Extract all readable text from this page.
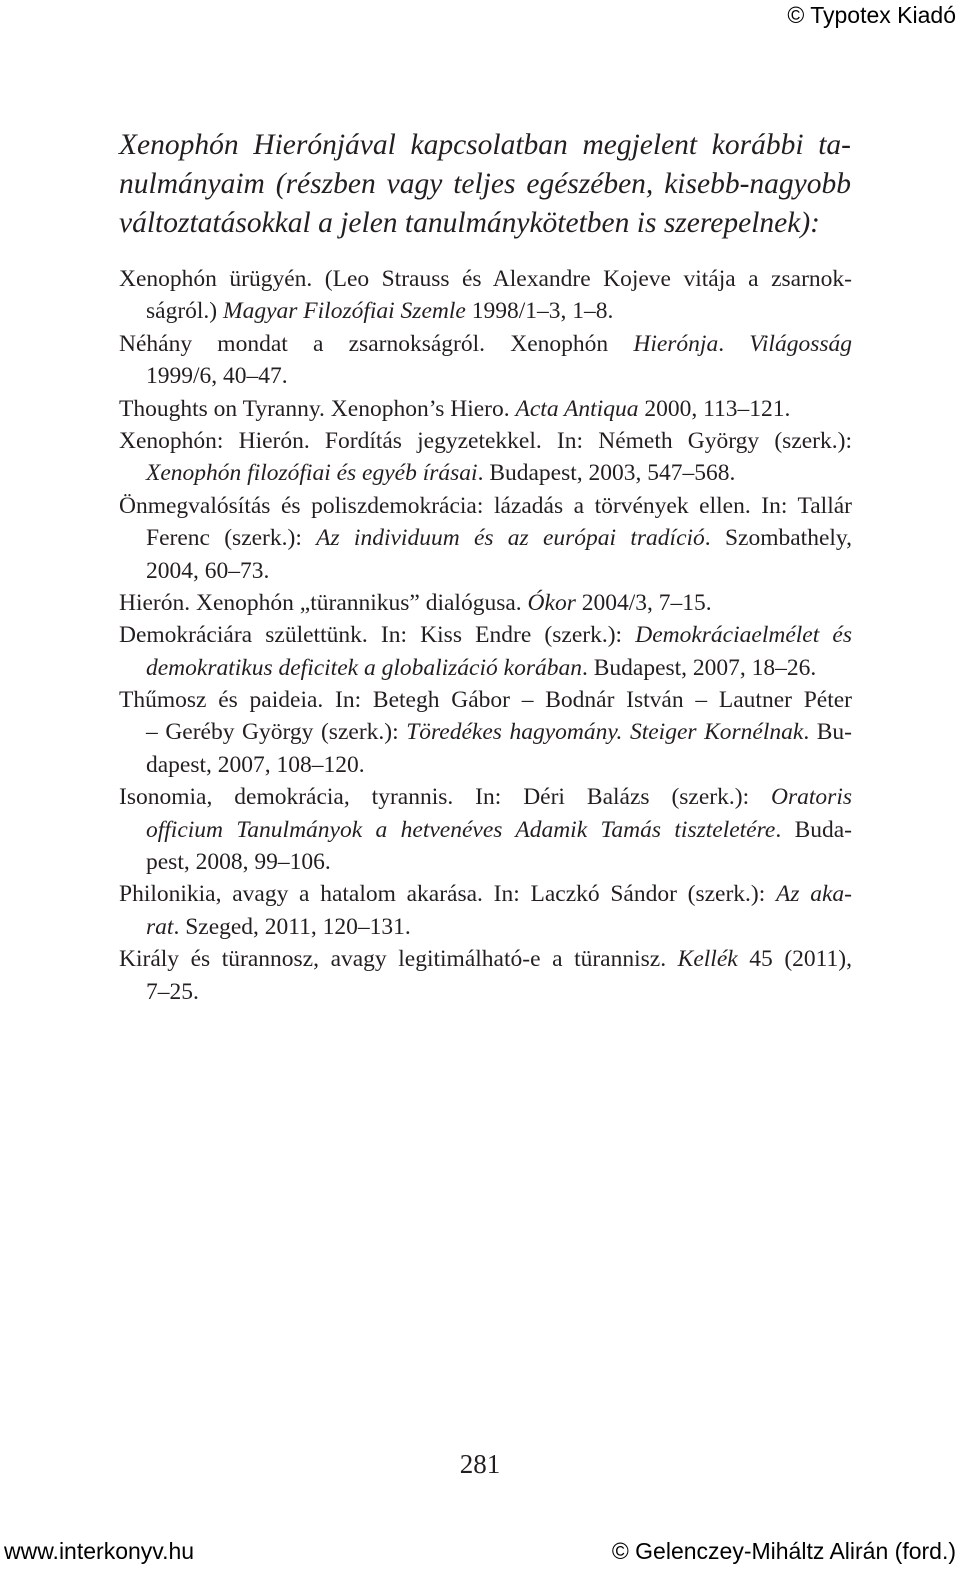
© Typotex Kiadó
Xenophón Hierónjával kapcsolatban megjelent korábbi ta-
nulmányaim (részben vagy teljes egészében, kisebb-nagyobb
változtatásokkal a jelen tanulmánykötetben is szerepelnek):
Xenophón ürügyén. (Leo Strauss és Alexandre Kojeve vitája a zsarnok-
ságról.) Magyar Filozófiai Szemle 1998/1‒3, 1‒8.
Néhány mondat a zsarnokságról. Xenophón Hierónja. Világosság
1999/6, 40‒47.
Thoughts on Tyranny. Xenophon’s Hiero. Acta Antiqua 2000, 113‒121.
Xenophón: Hierón. Fordítás jegyzetekkel. In: Németh György (szerk.):
Xenophón filozófiai és egyéb írásai. Budapest, 2003, 547‒568.
Önmegvalósítás és poliszdemokrácia: lázadás a törvények ellen. In: Tallár
Ferenc (szerk.): Az individuum és az európai tradíció. Szombathely,
2004, 60‒73.
Hierón. Xenophón „türannikus” dialógusa. Ókor 2004/3, 7‒15.
Demokráciára születtünk. In: Kiss Endre (szerk.): Demokráciaelmélet és
demokratikus deficitek a globalizáció korában. Budapest, 2007, 18‒26.
Thűmosz és paideia. In: Betegh Gábor ‒ Bodnár István ‒ Lautner Péter
‒ Geréby György (szerk.): Töredékes hagyomány. Steiger Kornélnak. Bu-
dapest, 2007, 108‒120.
Isonomia, demokrácia, tyrannis. In: Déri Balázs (szerk.): Oratoris
officium Tanulmányok a hetvenéves Adamik Tamás tiszteletére. Buda-
pest, 2008, 99‒106.
Philonikia, avagy a hatalom akarása. In: Laczkó Sándor (szerk.): Az aka-
rat. Szeged, 2011, 120‒131.
Király és türannosz, avagy legitimálható-e a türannisz. Kellék 45 (2011),
7‒25.
281
www.interkonyv.hu	© Gelenczey-Miháltz Alirán (ford.)
